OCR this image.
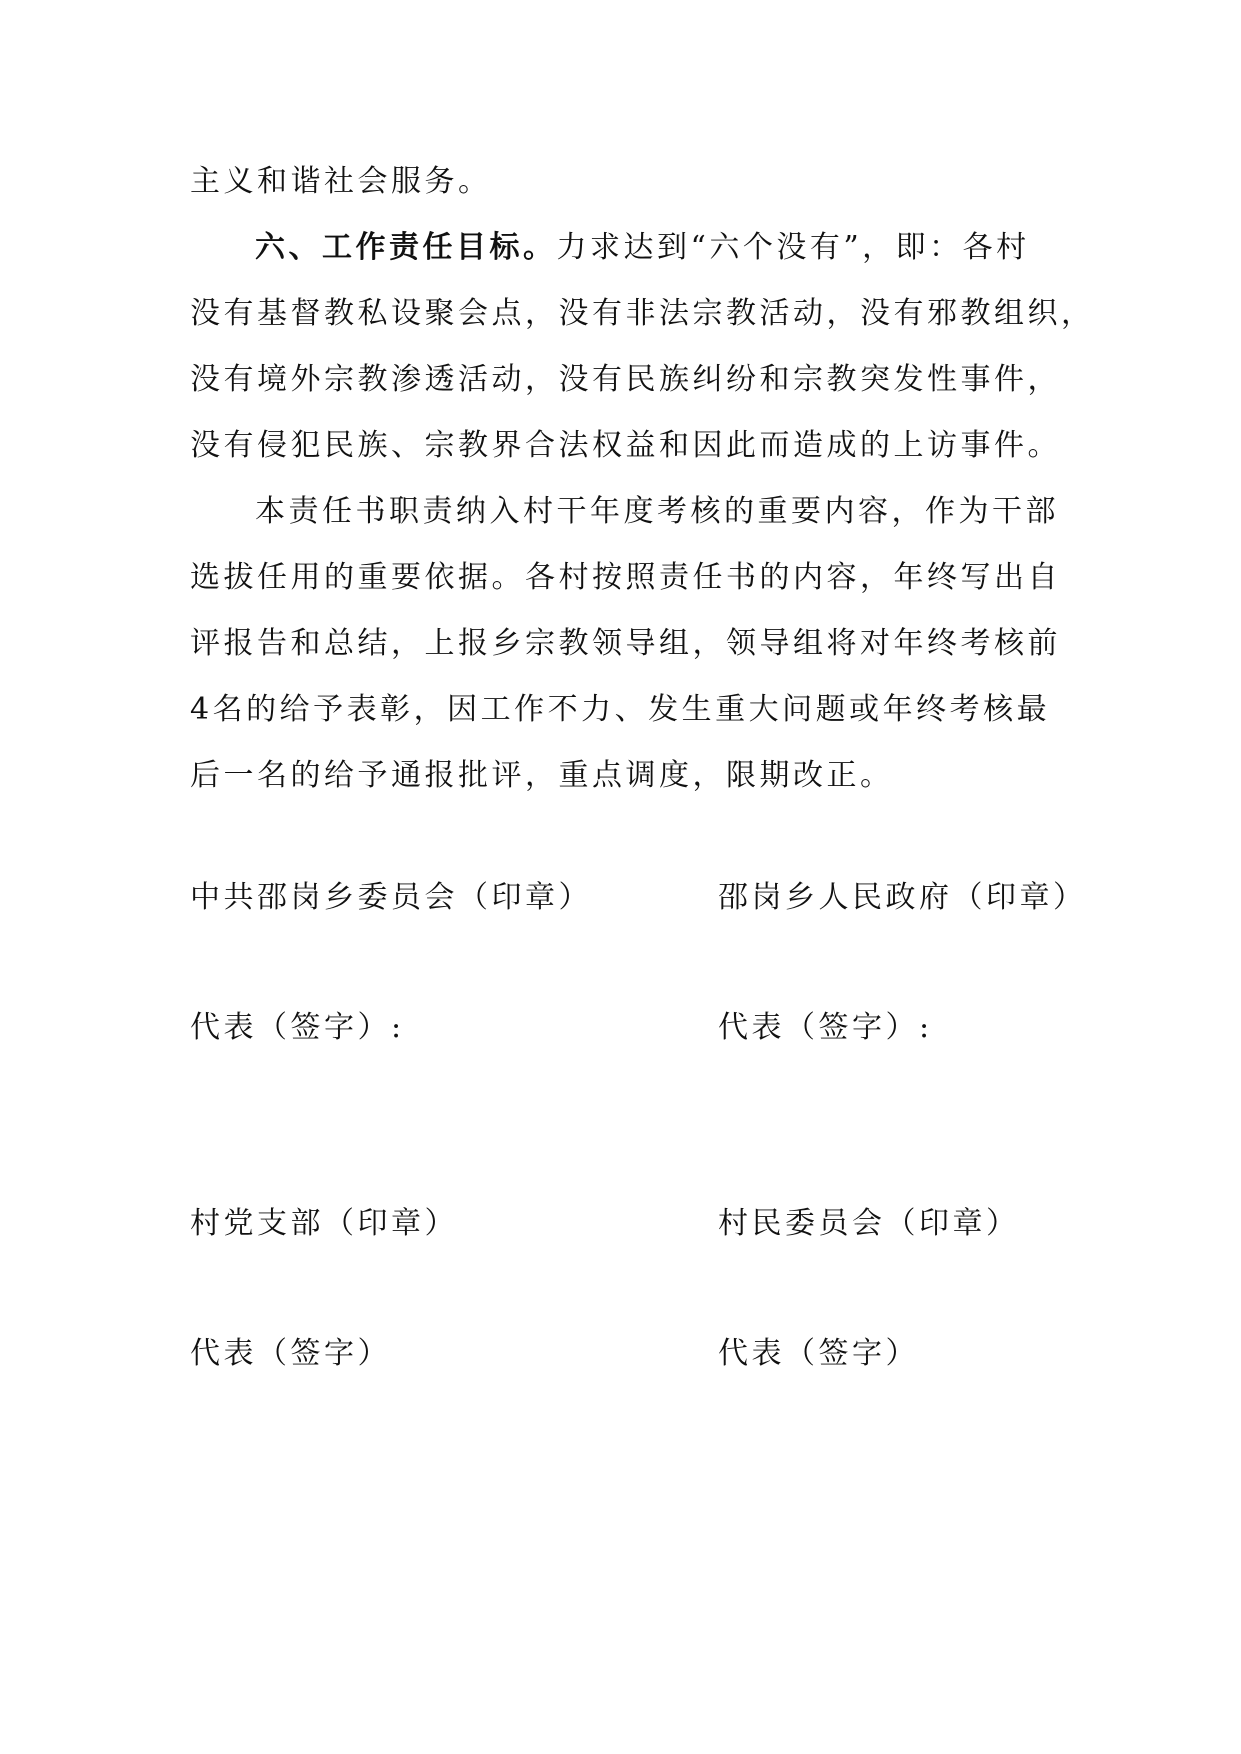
主义和谐社会服务。
六、工作责任目标。力求达到“六个没有”，即：各村
没有基督教私设聚会点，没有非法宗教活动，没有邪教组织，
没有境外宗教渗透活动，没有民族纠纷和宗教突发性事件，
没有侵犯民族、宗教界合法权益和因此而造成的上访事件。
本责任书职责纳入村干年度考核的重要内容，作为干部
选拔任用的重要依据。各村按照责任书的内容，年终写出自
评报告和总结，上报乡宗教领导组，领导组将对年终考核前
4名的给予表彰，因工作不力、发生重大问题或年终考核最
后一名的给予通报批评，重点调度，限期改正。
中共邵岗乡委员会（印章）	邵岗乡人民政府（印章）
代表（签字）:	代表（签字）:
村党支部（印章）	村民委员会（印章）
代表（签字）	代表（签字）
